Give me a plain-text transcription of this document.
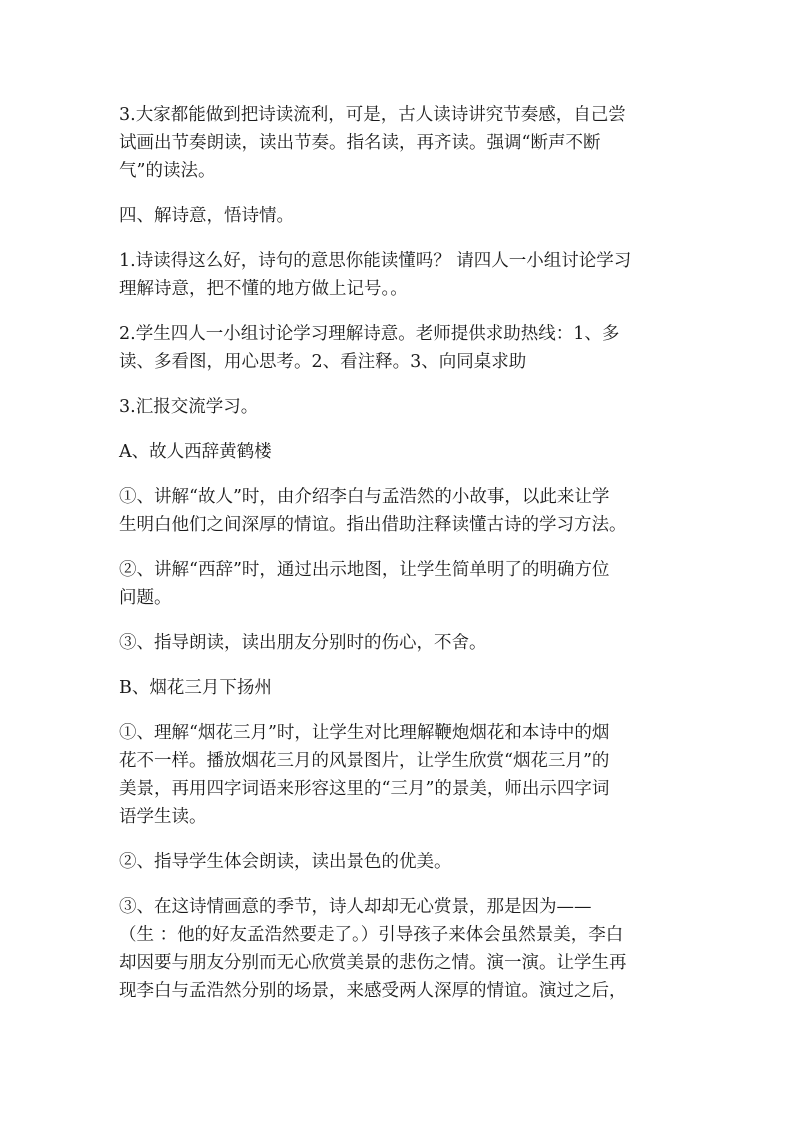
3.大家都能做到把诗读流利，可是，古人读诗讲究节奏感，自己尝
试画出节奏朗读，读出节奏。指名读，再齐读。强调“断声不断
气”的读法。

四、解诗意，悟诗情。

1.诗读得这么好，诗句的意思你能读懂吗？ 请四人一小组讨论学习
理解诗意，把不懂的地方做上记号。。

2.学生四人一小组讨论学习理解诗意。老师提供求助热线：1、多
读、多看图，用心思考。2、看注释。3、向同桌求助

3.汇报交流学习。

A、故人西辞黄鹤楼

①、讲解“故人”时，由介绍李白与孟浩然的小故事，以此来让学
生明白他们之间深厚的情谊。指出借助注释读懂古诗的学习方法。

②、讲解“西辞”时，通过出示地图，让学生简单明了的明确方位
问题。

③、指导朗读，读出朋友分别时的伤心，不舍。

B、烟花三月下扬州

①、理解“烟花三月”时，让学生对比理解鞭炮烟花和本诗中的烟
花不一样。播放烟花三月的风景图片，让学生欣赏“烟花三月”的
美景，再用四字词语来形容这里的“三月”的景美，师出示四字词
语学生读。

②、指导学生体会朗读，读出景色的优美。

③、在这诗情画意的季节，诗人却却无心赏景，那是因为——
（生 ：他的好友孟浩然要走了。）引导孩子来体会虽然景美，李白
却因要与朋友分别而无心欣赏美景的悲伤之情。演一演。让学生再
现李白与孟浩然分别的场景，来感受两人深厚的情谊。演过之后，
